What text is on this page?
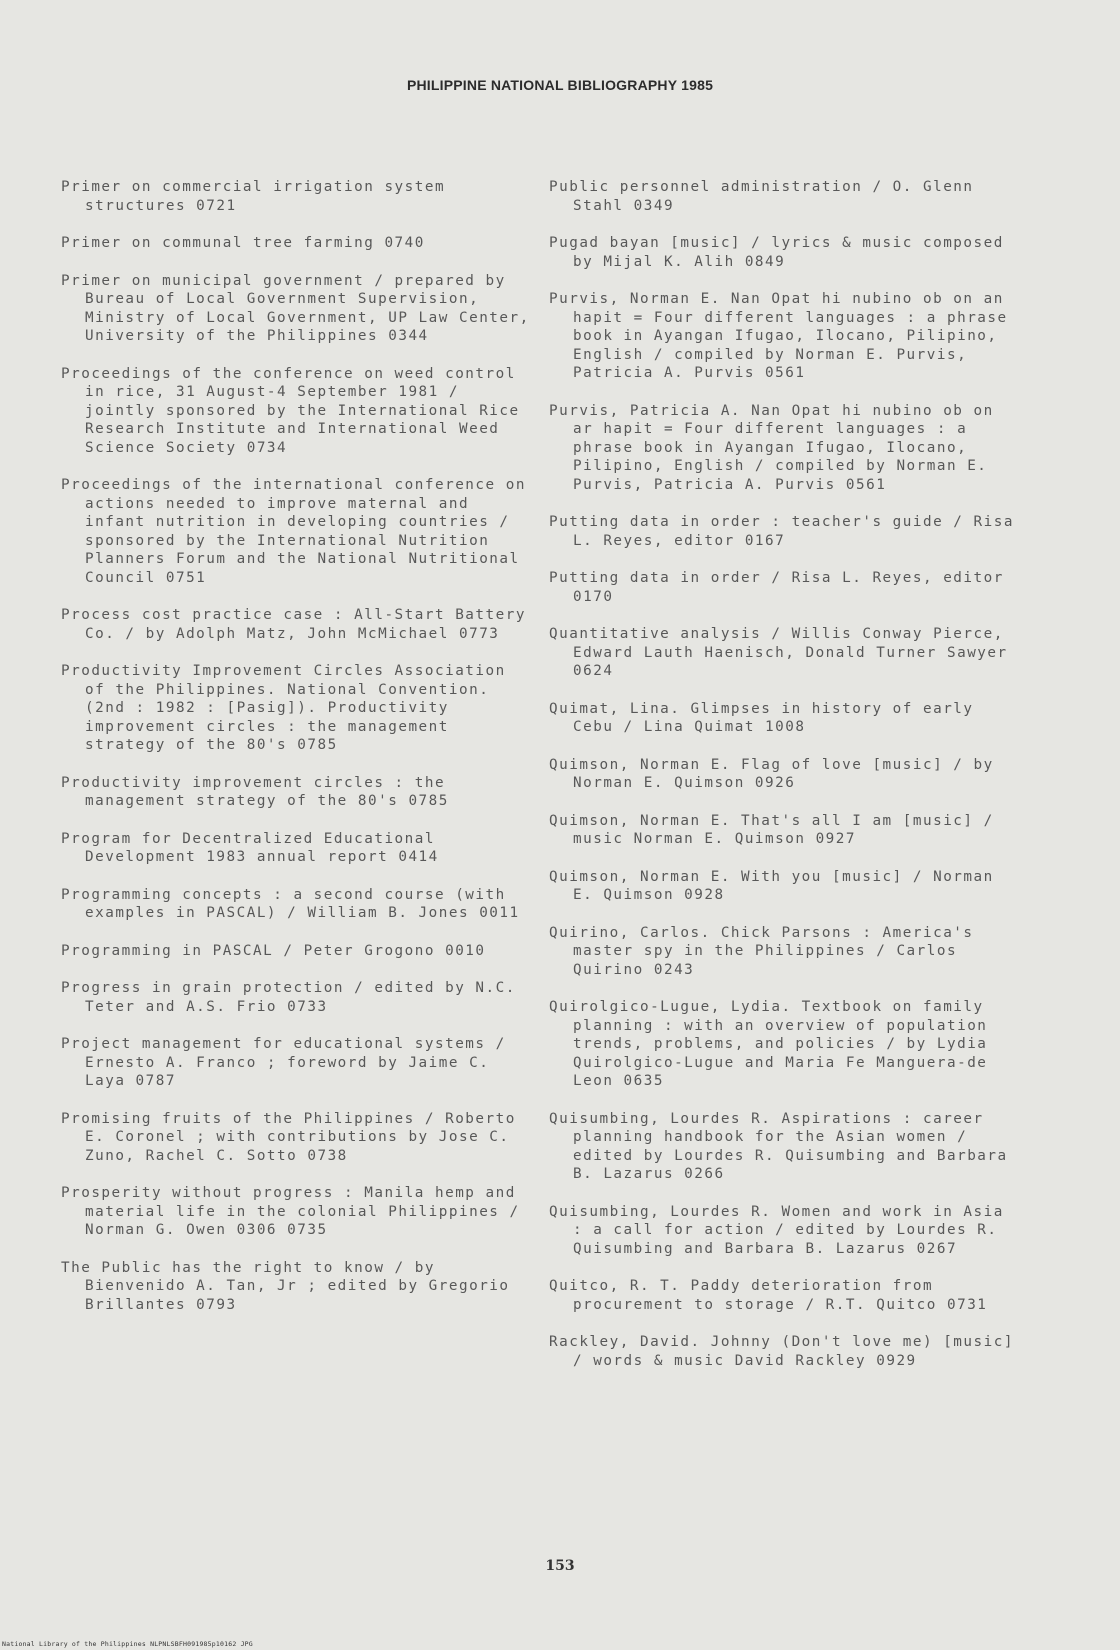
PHILIPPINE NATIONAL BIBLIOGRAPHY 1985
Primer on commercial irrigation system structures 0721
Primer on communal tree farming 0740
Primer on municipal government / prepared by Bureau of Local Government Supervision, Ministry of Local Government, UP Law Center, University of the Philippines 0344
Proceedings of the conference on weed control in rice, 31 August-4 September 1981 / jointly sponsored by the International Rice Research Institute and International Weed Science Society 0734
Proceedings of the international conference on actions needed to improve maternal and infant nutrition in developing countries / sponsored by the International Nutrition Planners Forum and the National Nutritional Council 0751
Process cost practice case : All-Start Battery Co. / by Adolph Matz, John McMichael 0773
Productivity Improvement Circles Association of the Philippines. National Convention. (2nd : 1982 : [Pasig]). Productivity improvement circles : the management strategy of the 80's 0785
Productivity improvement circles : the management strategy of the 80's 0785
Program for Decentralized Educational Development 1983 annual report 0414
Programming concepts : a second course (with examples in PASCAL) / William B. Jones 0011
Programming in PASCAL / Peter Grogono 0010
Progress in grain protection / edited by N.C. Teter and A.S. Frio 0733
Project management for educational systems / Ernesto A. Franco ; foreword by Jaime C. Laya 0787
Promising fruits of the Philippines / Roberto E. Coronel ; with contributions by Jose C. Zuno, Rachel C. Sotto 0738
Prosperity without progress : Manila hemp and material life in the colonial Philippines / Norman G. Owen 0306 0735
The Public has the right to know / by Bienvenido A. Tan, Jr ; edited by Gregorio Brillantes 0793
Public personnel administration / O. Glenn Stahl 0349
Pugad bayan [music] / lyrics & music composed by Mijal K. Alih 0849
Purvis, Norman E. Nan Opat hi nubino ob on an hapit = Four different languages : a phrase book in Ayangan Ifugao, Ilocano, Pilipino, English / compiled by Norman E. Purvis, Patricia A. Purvis 0561
Purvis, Patricia A. Nan Opat hi nubino ob on ar hapit = Four different languages : a phrase book in Ayangan Ifugao, Ilocano, Pilipino, English / compiled by Norman E. Purvis, Patricia A. Purvis 0561
Putting data in order : teacher's guide / Risa L. Reyes, editor 0167
Putting data in order / Risa L. Reyes, editor 0170
Quantitative analysis / Willis Conway Pierce, Edward Lauth Haenisch, Donald Turner Sawyer 0624
Quimat, Lina. Glimpses in history of early Cebu / Lina Quimat 1008
Quimson, Norman E. Flag of love [music] / by Norman E. Quimson 0926
Quimson, Norman E. That's all I am [music] / music Norman E. Quimson 0927
Quimson, Norman E. With you [music] / Norman E. Quimson 0928
Quirino, Carlos. Chick Parsons : America's master spy in the Philippines / Carlos Quirino 0243
Quirolgico-Lugue, Lydia. Textbook on family planning : with an overview of population trends, problems, and policies / by Lydia Quirolgico-Lugue and Maria Fe Manguera-de Leon 0635
Quisumbing, Lourdes R. Aspirations : career planning handbook for the Asian women / edited by Lourdes R. Quisumbing and Barbara B. Lazarus 0266
Quisumbing, Lourdes R. Women and work in Asia : a call for action / edited by Lourdes R. Quisumbing and Barbara B. Lazarus 0267
Quitco, R. T. Paddy deterioration from procurement to storage / R.T. Quitco 0731
Rackley, David. Johnny (Don't love me) [music] / words & music David Rackley 0929
153
National Library of the Philippines NLPNLSBFH091985p10162 JPG
